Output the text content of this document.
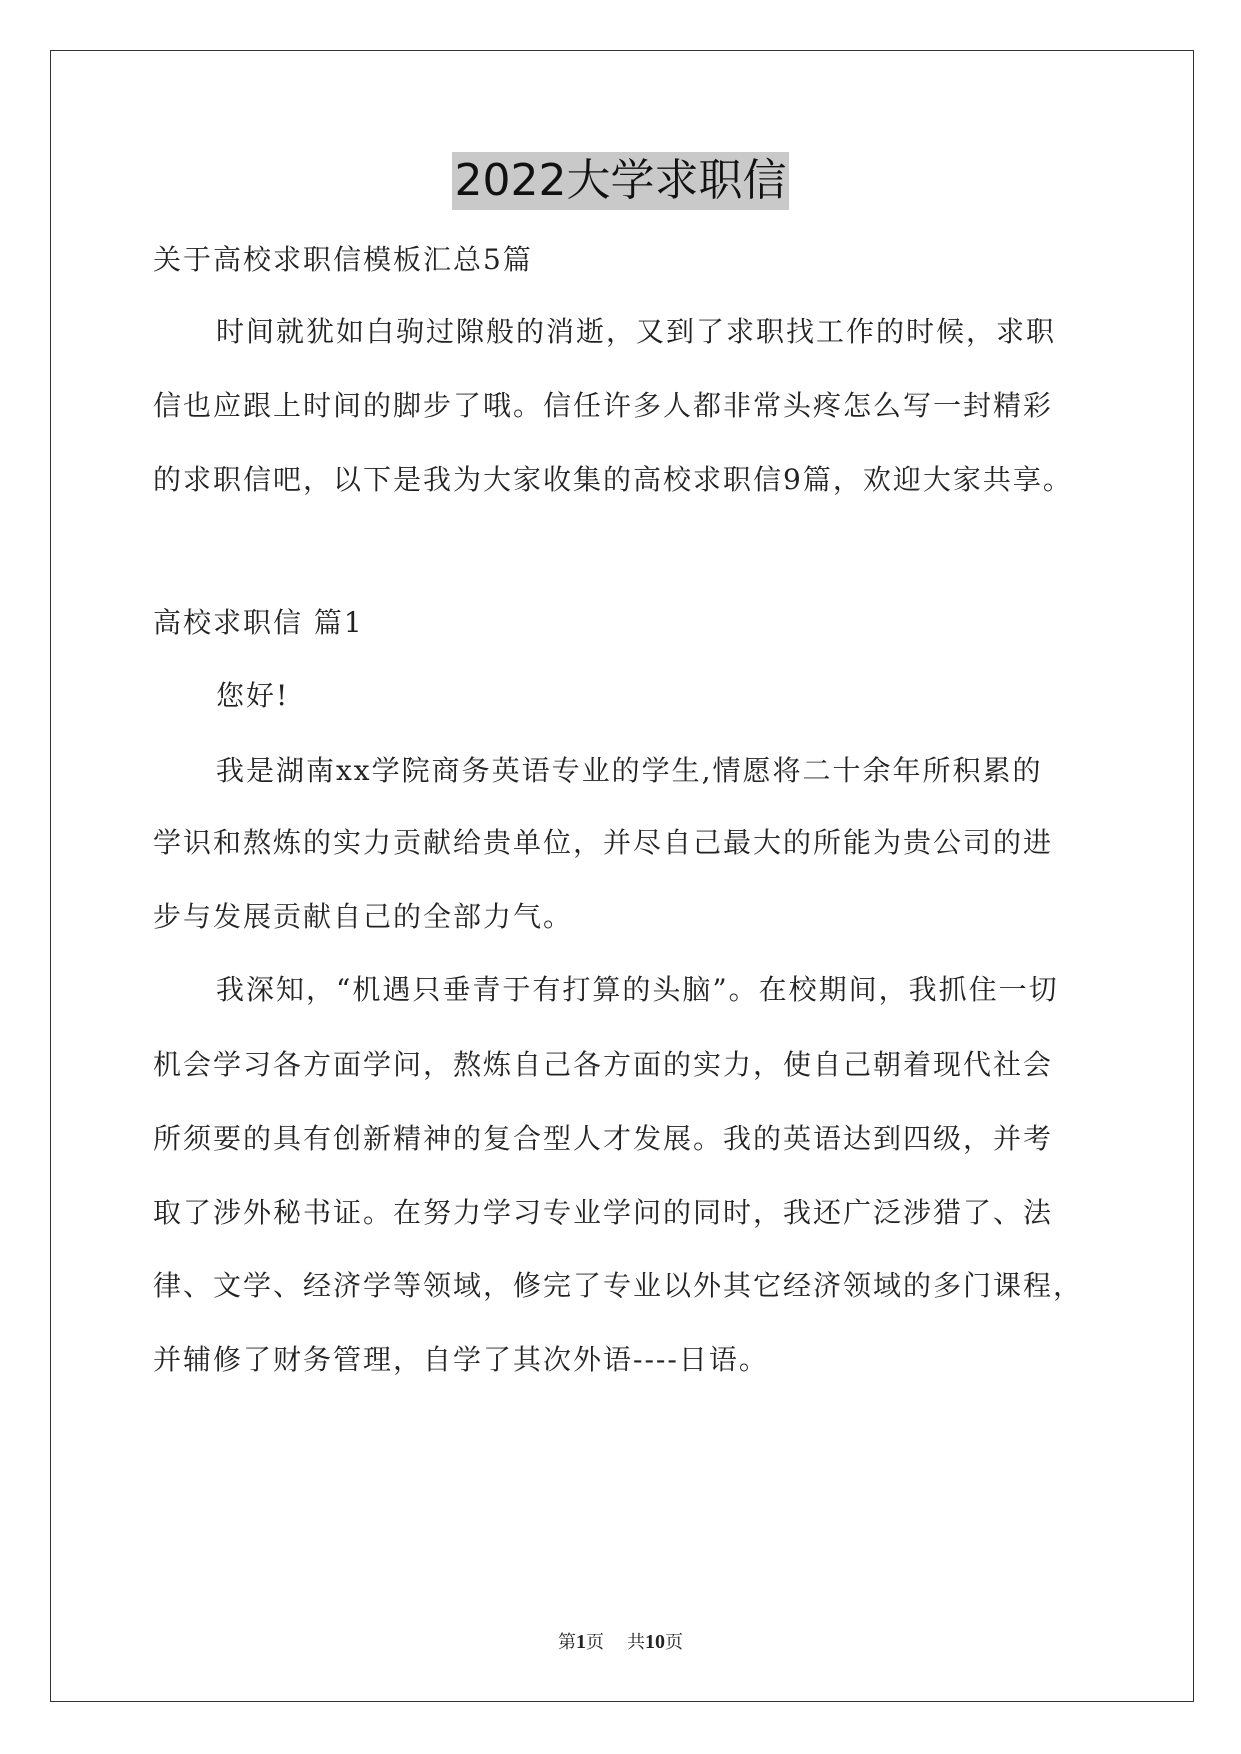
2022大学求职信
关于高校求职信模板汇总5篇
时间就犹如白驹过隙般的消逝，又到了求职找工作的时候，求职
信也应跟上时间的脚步了哦。信任许多人都非常头疼怎么写一封精彩
的求职信吧，以下是我为大家收集的高校求职信9篇，欢迎大家共享。
高校求职信 篇1
您好!
我是湖南xx学院商务英语专业的学生,情愿将二十余年所积累的
学识和熬炼的实力贡献给贵单位，并尽自己最大的所能为贵公司的进
步与发展贡献自己的全部力气。
我深知，“机遇只垂青于有打算的头脑”。在校期间，我抓住一切
机会学习各方面学问，熬炼自己各方面的实力，使自己朝着现代社会
所须要的具有创新精神的复合型人才发展。我的英语达到四级，并考
取了涉外秘书证。在努力学习专业学问的同时，我还广泛涉猎了、法
律、文学、经济学等领域，修完了专业以外其它经济领域的多门课程，
并辅修了财务管理，自学了其次外语----日语。
第1页 共10页
